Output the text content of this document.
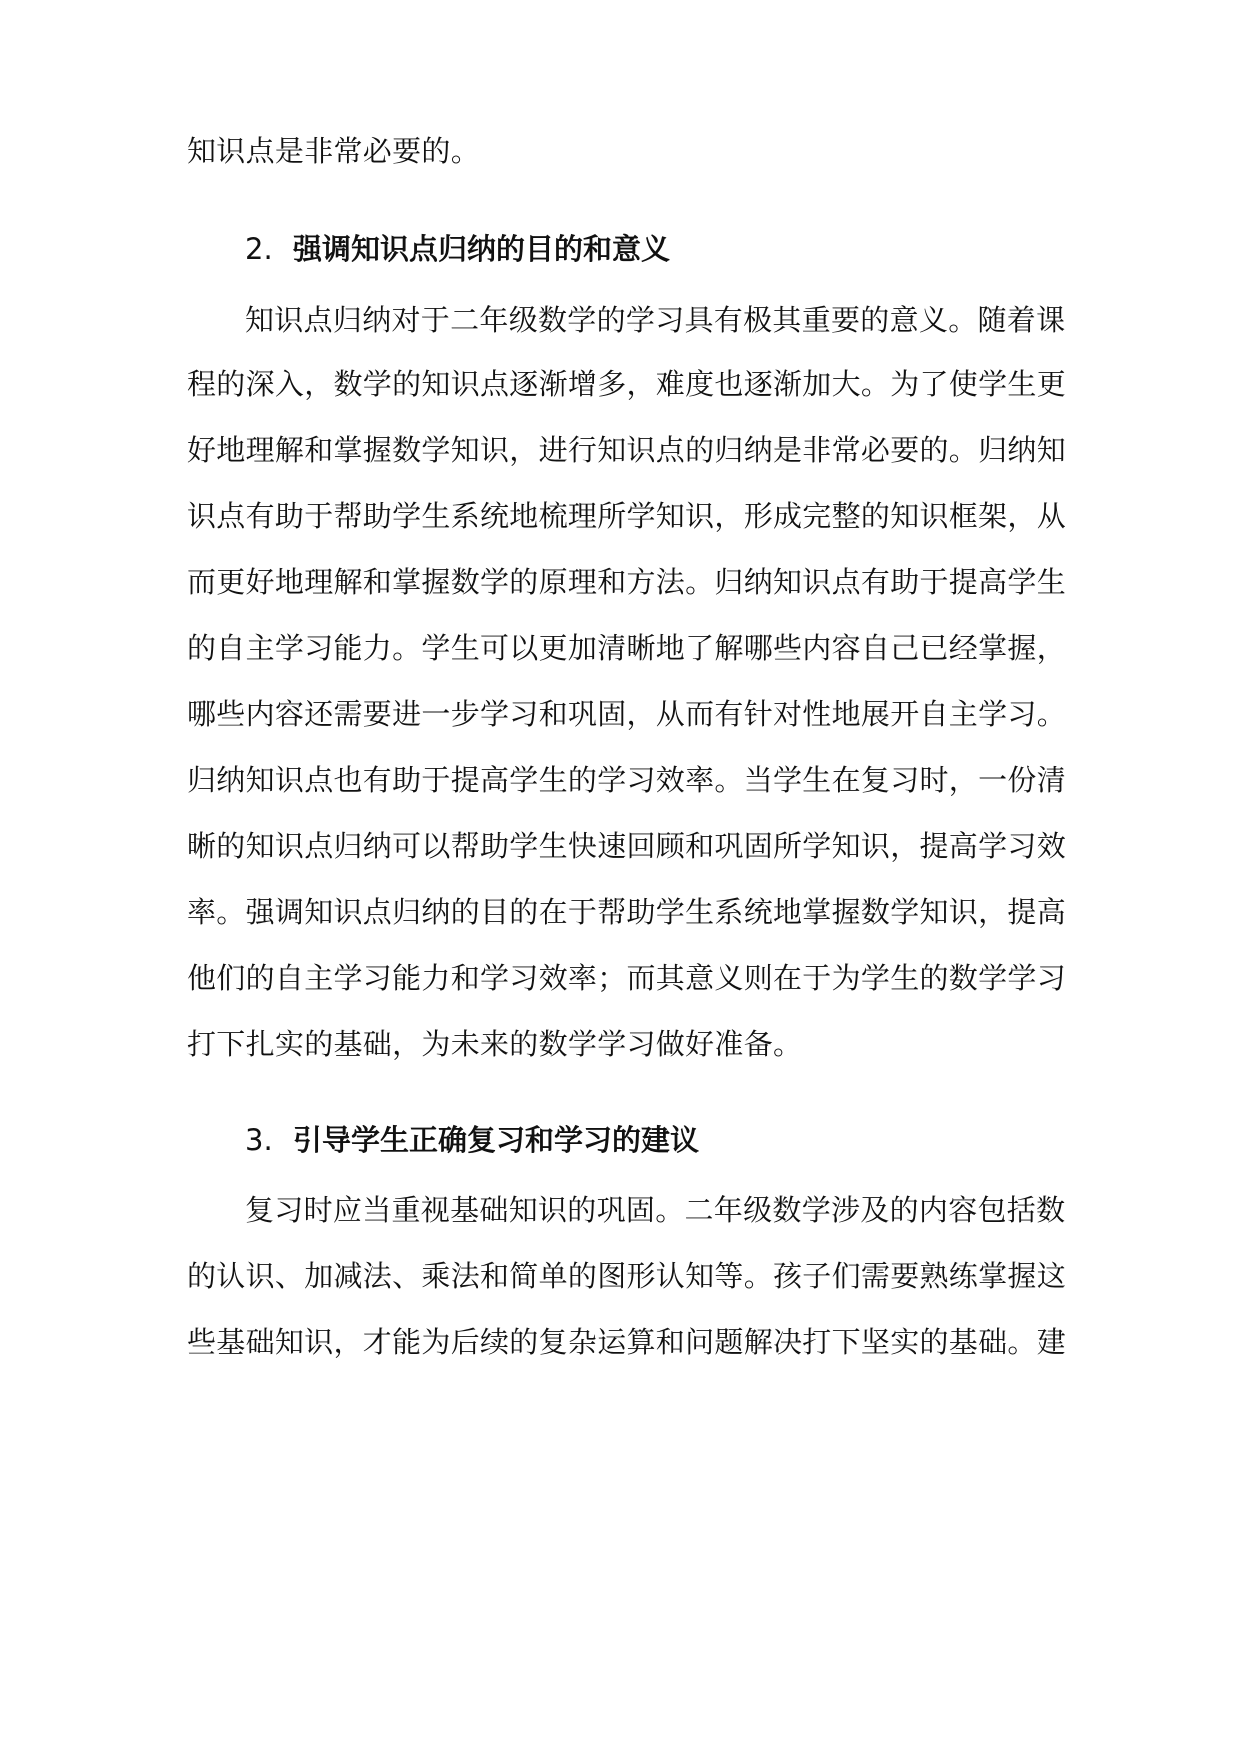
知识点是非常必要的。
2. 强调知识点归纳的目的和意义
知识点归纳对于二年级数学的学习具有极其重要的意义。随着课
程的深入，数学的知识点逐渐增多，难度也逐渐加大。为了使学生更
好地理解和掌握数学知识，进行知识点的归纳是非常必要的。归纳知
识点有助于帮助学生系统地梳理所学知识，形成完整的知识框架，从
而更好地理解和掌握数学的原理和方法。归纳知识点有助于提高学生
的自主学习能力。学生可以更加清晰地了解哪些内容自己已经掌握，
哪些内容还需要进一步学习和巩固，从而有针对性地展开自主学习。
归纳知识点也有助于提高学生的学习效率。当学生在复习时，一份清
晰的知识点归纳可以帮助学生快速回顾和巩固所学知识，提高学习效
率。强调知识点归纳的目的在于帮助学生系统地掌握数学知识，提高
他们的自主学习能力和学习效率；而其意义则在于为学生的数学学习
打下扎实的基础，为未来的数学学习做好准备。
3. 引导学生正确复习和学习的建议
复习时应当重视基础知识的巩固。二年级数学涉及的内容包括数
的认识、加减法、乘法和简单的图形认知等。孩子们需要熟练掌握这
些基础知识，才能为后续的复杂运算和问题解决打下坚实的基础。建
